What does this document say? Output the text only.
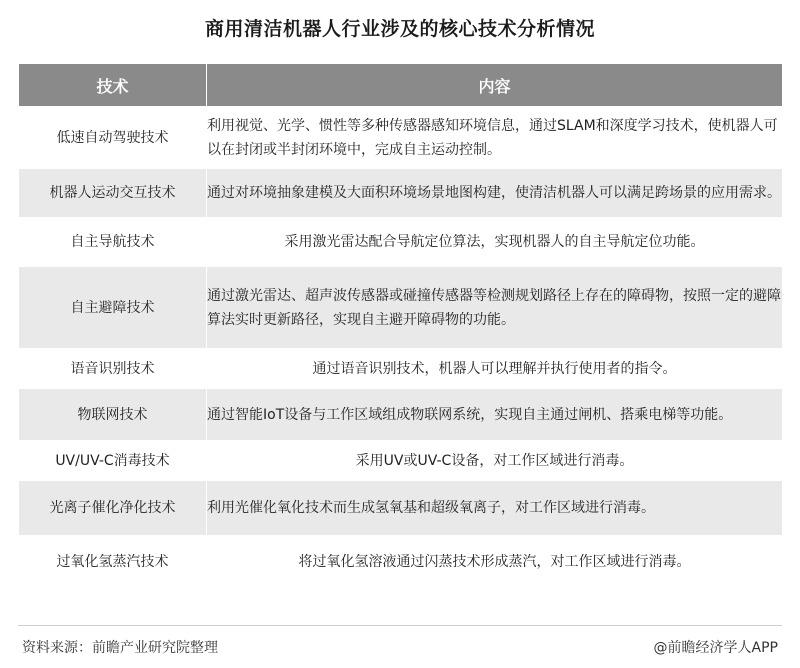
商用清洁机器人行业涉及的核心技术分析情况
技术	内容
低速自动驾驶技术	利用视觉、光学、惯性等多种传感器感知环境信息，通过SLAM和深度学习技术，使机器人可以在封闭或半封闭环境中，完成自主运动控制。
机器人运动交互技术	通过对环境抽象建模及大面积环境场景地图构建，使清洁机器人可以满足跨场景的应用需求。
自主导航技术	采用激光雷达配合导航定位算法，实现机器人的自主导航定位功能。
自主避障技术	通过激光雷达、超声波传感器或碰撞传感器等检测规划路径上存在的障碍物，按照一定的避障算法实时更新路径，实现自主避开障碍物的功能。
语音识别技术	通过语音识别技术，机器人可以理解并执行使用者的指令。
物联网技术	通过智能IoT设备与工作区域组成物联网系统，实现自主通过闸机、搭乘电梯等功能。
UV/UV-C消毒技术	采用UV或UV-C设备，对工作区域进行消毒。
光离子催化净化技术	利用光催化氧化技术而生成氢氧基和超级氧离子，对工作区域进行消毒。
过氧化氢蒸汽技术	将过氧化氢溶液通过闪蒸技术形成蒸汽，对工作区域进行消毒。
资料来源：前瞻产业研究院整理	@前瞻经济学人APP
